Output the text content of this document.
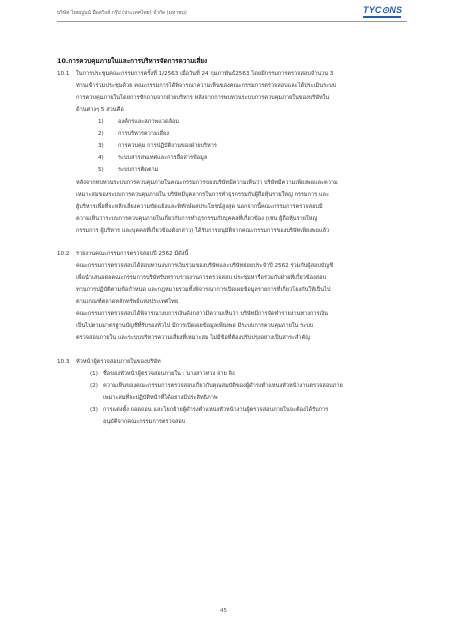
บริษัท ไทยญูนน์ มือสวิ่งส์ กรุ๊ป (ประเทศไทย) จำกัด (มหาชน)	TYC⊙NS
10.การควบคุมภายในและการบริหารจัดการความเสี่ยง
10.1 ในการประชุมคณะกรรมการครั้งที่ 1/2563 เมื่อวันที่ 24 กุมภาพันธ์2563 โดยมีกรรมการตรวจสอบจำนวน 3
ท่านเข้าร่วมประชุมด้วย คณะกรรมการได้พิจารณาความเห็นของคณะกรรมการตรวจสอบและได้ประเมินระบบ
การควบคุมภายในโดยการซักถามจากฝ่ายบริหาร หลังจากการพบทวนระบบการควบคุมภายในของบริษัทใน
ด้านต่างๆ 5 ส่วนคือ
1)	องค์กรและสภาพแวดล้อม
2)	การบริหารความเสี่ยง
3)	การควบคุม การปฏิบัติงานของฝ่ายบริหาร
4)	ระบบสารสนเทศและการสื่อสารข้อมูล
5)	ระบบการติดตาม
หลังจากทบทวนระบบการควบคุมภายในคณะกรรมการของบริษัทมีความเห็นว่า บริษัทมีความเพียงพอและความ
เหมาะสมของระบบการควบคุมภายใน บริษัทมีบุคลากรในการทำธุรกรรมกับผู้ถือหุ้นรายใหญ่ กรรมการ และ
ผู้บริหารเพื่อที่จะหลีกเลี่ยงความขัดแย้งและพิทักษ์ผลประโยชน์สูงสุด นอกจากนี้คณะกรรมการตรวจสอบมี
ความเห็นว่าระบบการควบคุมภายในเกี่ยวกับการทำธุรกรรมกับบุคคลที่เกี่ยวข้อง (เช่น ผู้ถือหุ้นรายใหญ่
กรรมการ ผู้บริหาร และบุคคลที่เกี่ยวข้องดังกล่าว) ได้รับการอนุมัติจากคณะกรรมการของบริษัทเพียงพอแล้ว
10.2 รายงานคณะกรรมการตรวจสอบปี 2562 มีดังนี้
คณะกรรมการตรวจสอบได้สอบทานงบการเงินรวมของบริษัทและบริษัทย่อยประจำปี 2562 ร่วมกับผู้สอบบัญชี
เพื่อนำเสนอต่อคณะกรรมการบริษัทรับทราบรายงานการตรวจสอบ ประชุมหารือร่วมกับฝ่ายที่เกี่ยวข้องสอบ
ทานการปฏิบัติตามข้อกำหนด และกฎหมายรวมทั้งพิจารณาการเปิดเผยข้อมูลรายการที่เกี่ยวโยงกันให้เป็นไป
ตามเกณฑ์ตลาดหลักทรัพย์แห่งประเทศไทย
คณะกรรมการตรวจสอบได้พิจารณางบการเงินดังกล่าวมีความเห็นว่า บริษัทมีการจัดทำรายงานทางการเงิน
เป็นไปตามมาตรฐานบัญชีที่รับรองทั่วไป มีการเปิดเผยข้อมูลเพียงพอ มีระบบการควบคุมภายใน ระบบ
ตรวจสอบภายใน และระบบบริหารความเสี่ยงที่เหมาะสม ไม่มีข้อที่ต้องปรับปรุงอย่างเป็นสาระสำคัญ
10.3 หัวหน้าผู้ตรวจสอบภายในของบริษัท
(1) ชื่อของหัวหน้าผู้ตรวจสอบภายใน : นางสาวทวง จ่าย ลิง
(2) ความเห็นของคณะกรรมการตรวจสอบเกี่ยวกับคุณสมบัติของผู้ดำรงตำแหน่งหัวหน้างานตรวจสอบภาย
เพมาะสมที่จะปฏิบัติหน้าที่ได้อย่างมีประสิทธิภาพ
(3) การแต่งตั้ง ถอดถอน และโยกย้ายผู้ดำรงตำแหน่งหัวหน้างานผู้ตรวจสอบภายในจะต้องได้รับการ
อนุมัติจากคณะกรรมการตรวจสอบ
45
